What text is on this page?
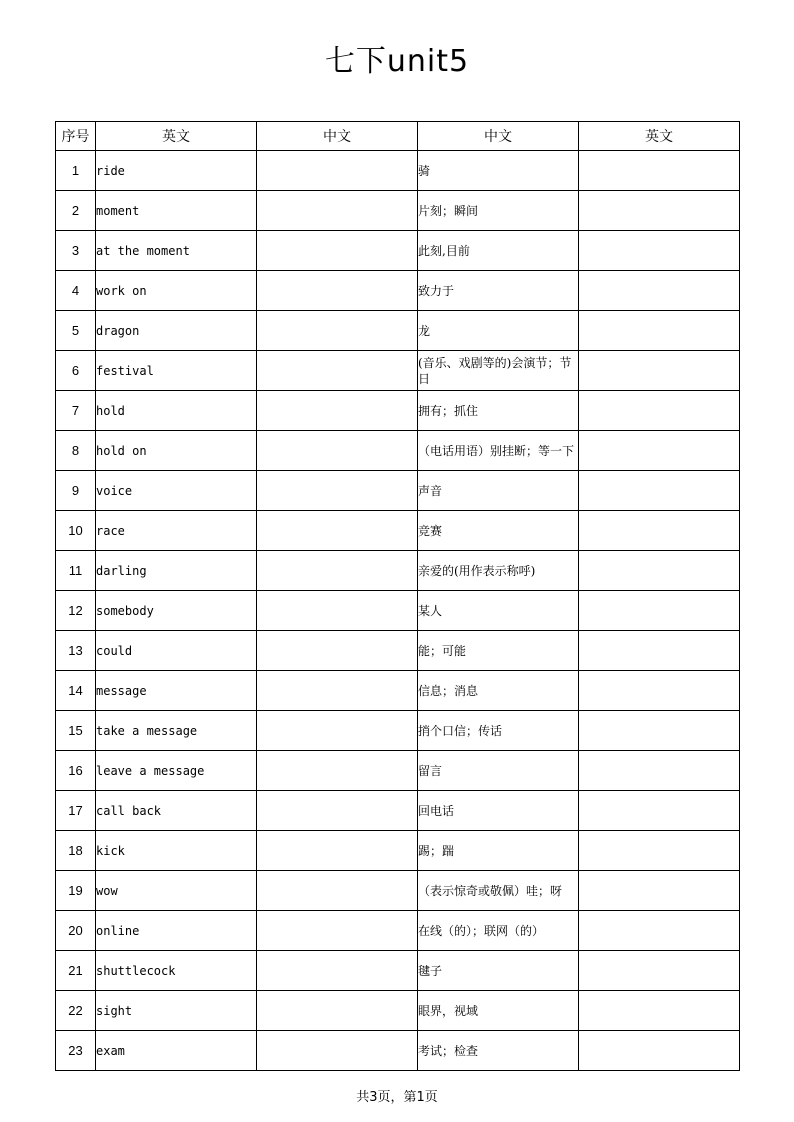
七下unit5
序号	英文	中文	中文	英文
1	ride		骑	
2	moment		片刻；瞬间	
3	at the moment		此刻,目前	
4	work on		致力于	
5	dragon		龙	
6	festival		(音乐、戏剧等的)会演节；节日	
7	hold		拥有；抓住	
8	hold on		（电话用语）别挂断；等一下	
9	voice		声音	
10	race		竞赛	
11	darling		亲爱的(用作表示称呼)	
12	somebody		某人	
13	could		能；可能	
14	message		信息；消息	
15	take a message		捎个口信；传话	
16	leave a message		留言	
17	call back		回电话	
18	kick		踢；踹	
19	wow		（表示惊奇或敬佩）哇；呀	
20	online		在线（的）；联网（的）	
21	shuttlecock		毽子	
22	sight		眼界，视域	
23	exam		考试；检查	
共3页，第1页
